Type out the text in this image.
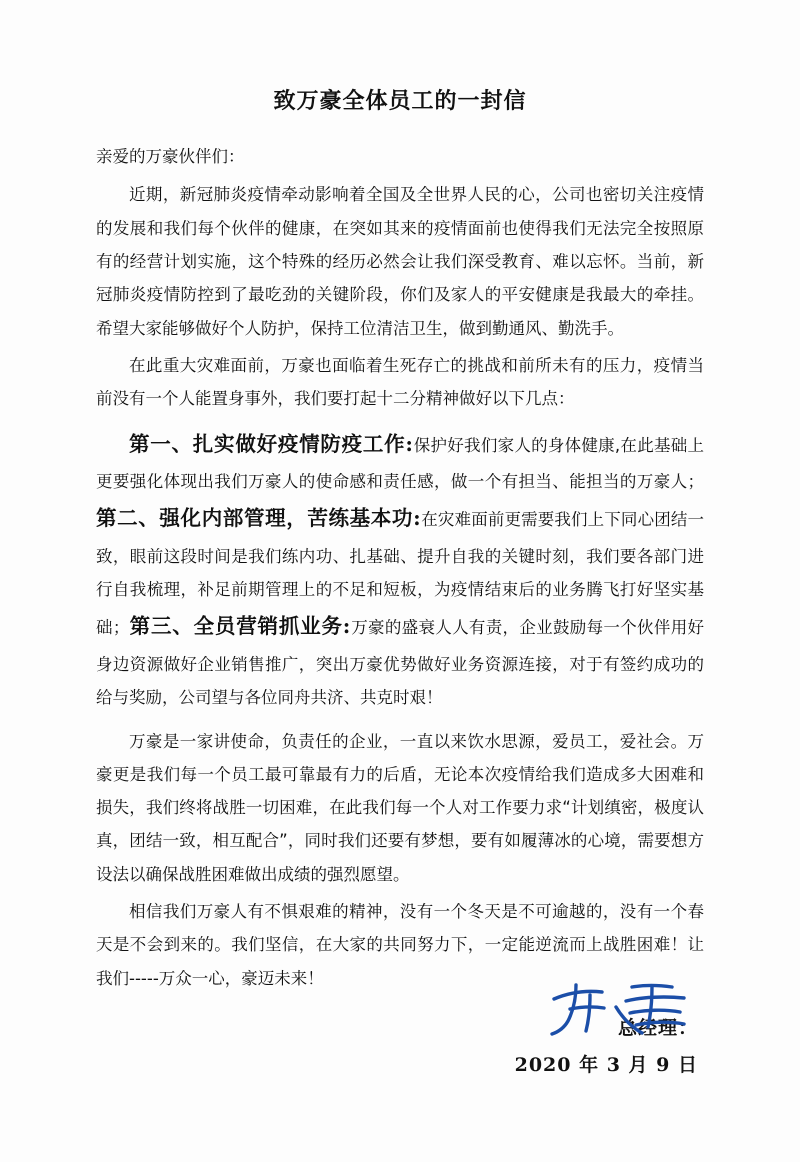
致万豪全体员工的一封信
亲爱的万豪伙伴们：

近期，新冠肺炎疫情牵动影响着全国及全世界人民的心，公司也密切关注疫情的发展和我们每个伙伴的健康，在突如其来的疫情面前也使得我们无法完全按照原有的经营计划实施，这个特殊的经历必然会让我们深受教育、难以忘怀。当前，新冠肺炎疫情防控到了最吃劲的关键阶段，你们及家人的平安健康是我最大的牵挂。希望大家能够做好个人防护，保持工位清洁卫生，做到勤通风、勤洗手。

在此重大灾难面前，万豪也面临着生死存亡的挑战和前所未有的压力，疫情当前没有一个人能置身事外，我们要打起十二分精神做好以下几点：

第一、扎实做好疫情防疫工作:保护好我们家人的身体健康,在此基础上更要强化体现出我们万豪人的使命感和责任感，做一个有担当、能担当的万豪人；第二、强化内部管理，苦练基本功:在灾难面前更需要我们上下同心团结一致，眼前这段时间是我们练内功、扎基础、提升自我的关键时刻，我们要各部门进行自我梳理，补足前期管理上的不足和短板，为疫情结束后的业务腾飞打好坚实基础；第三、全员营销抓业务:万豪的盛衰人人有责，企业鼓励每一个伙伴用好身边资源做好企业销售推广，突出万豪优势做好业务资源连接，对于有签约成功的给与奖励，公司望与各位同舟共济、共克时艰！

万豪是一家讲使命，负责任的企业，一直以来饮水思源，爱员工，爱社会。万豪更是我们每一个员工最可靠最有力的后盾，无论本次疫情给我们造成多大困难和损失，我们终将战胜一切困难，在此我们每一个人对工作要力求“计划缜密，极度认真，团结一致，相互配合”，同时我们还要有梦想，要有如履薄冰的心境，需要想方设法以确保战胜困难做出成绩的强烈愿望。

相信我们万豪人有不惧艰难的精神，没有一个冬天是不可逾越的，没有一个春天是不会到来的。我们坚信，在大家的共同努力下，一定能逆流而上战胜困难！让我们-----万众一心，豪迈未来！

总经理：
2020 年 3 月 9 日
